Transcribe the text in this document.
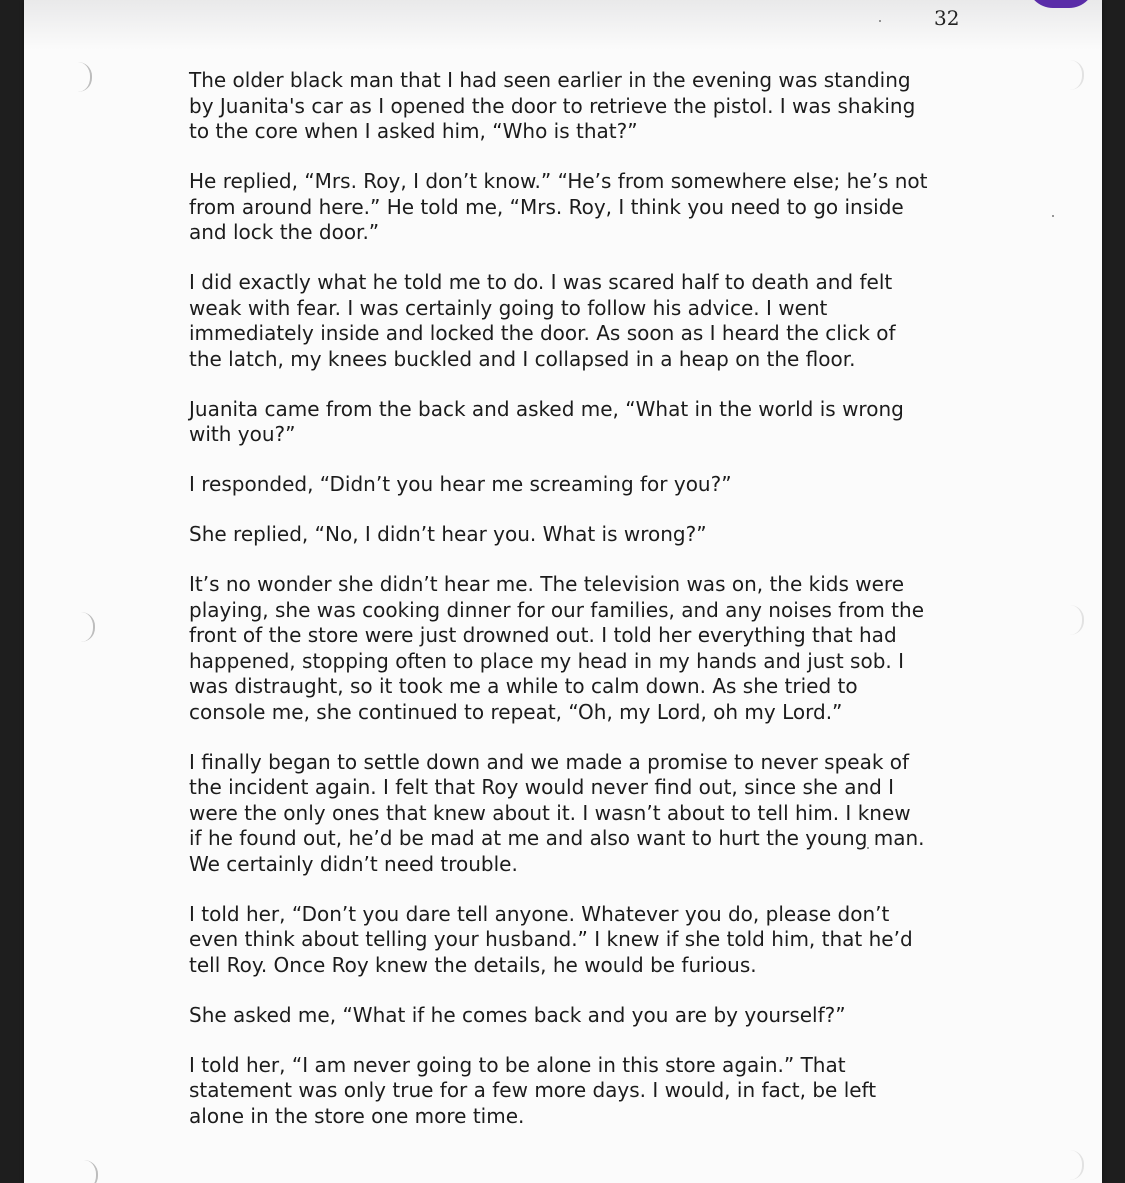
32

The older black man that I had seen earlier in the evening was standing
by Juanita's car as I opened the door to retrieve the pistol. I was shaking
to the core when I asked him, “Who is that?”

He replied, “Mrs. Roy, I don’t know.” “He’s from somewhere else; he’s not
from around here.” He told me, “Mrs. Roy, I think you need to go inside
and lock the door.”

I did exactly what he told me to do. I was scared half to death and felt
weak with fear. I was certainly going to follow his advice. I went
immediately inside and locked the door. As soon as I heard the click of
the latch, my knees buckled and I collapsed in a heap on the floor.

Juanita came from the back and asked me, “What in the world is wrong
with you?”

I responded, “Didn’t you hear me screaming for you?”

She replied, “No, I didn’t hear you. What is wrong?”

It’s no wonder she didn’t hear me. The television was on, the kids were
playing, she was cooking dinner for our families, and any noises from the
front of the store were just drowned out. I told her everything that had
happened, stopping often to place my head in my hands and just sob. I
was distraught, so it took me a while to calm down. As she tried to
console me, she continued to repeat, “Oh, my Lord, oh my Lord.”

I finally began to settle down and we made a promise to never speak of
the incident again. I felt that Roy would never find out, since she and I
were the only ones that knew about it. I wasn’t about to tell him. I knew
if he found out, he’d be mad at me and also want to hurt the young man.
We certainly didn’t need trouble.

I told her, “Don’t you dare tell anyone. Whatever you do, please don’t
even think about telling your husband.” I knew if she told him, that he’d
tell Roy. Once Roy knew the details, he would be furious.

She asked me, “What if he comes back and you are by yourself?”

I told her, “I am never going to be alone in this store again.” That
statement was only true for a few more days. I would, in fact, be left
alone in the store one more time.
